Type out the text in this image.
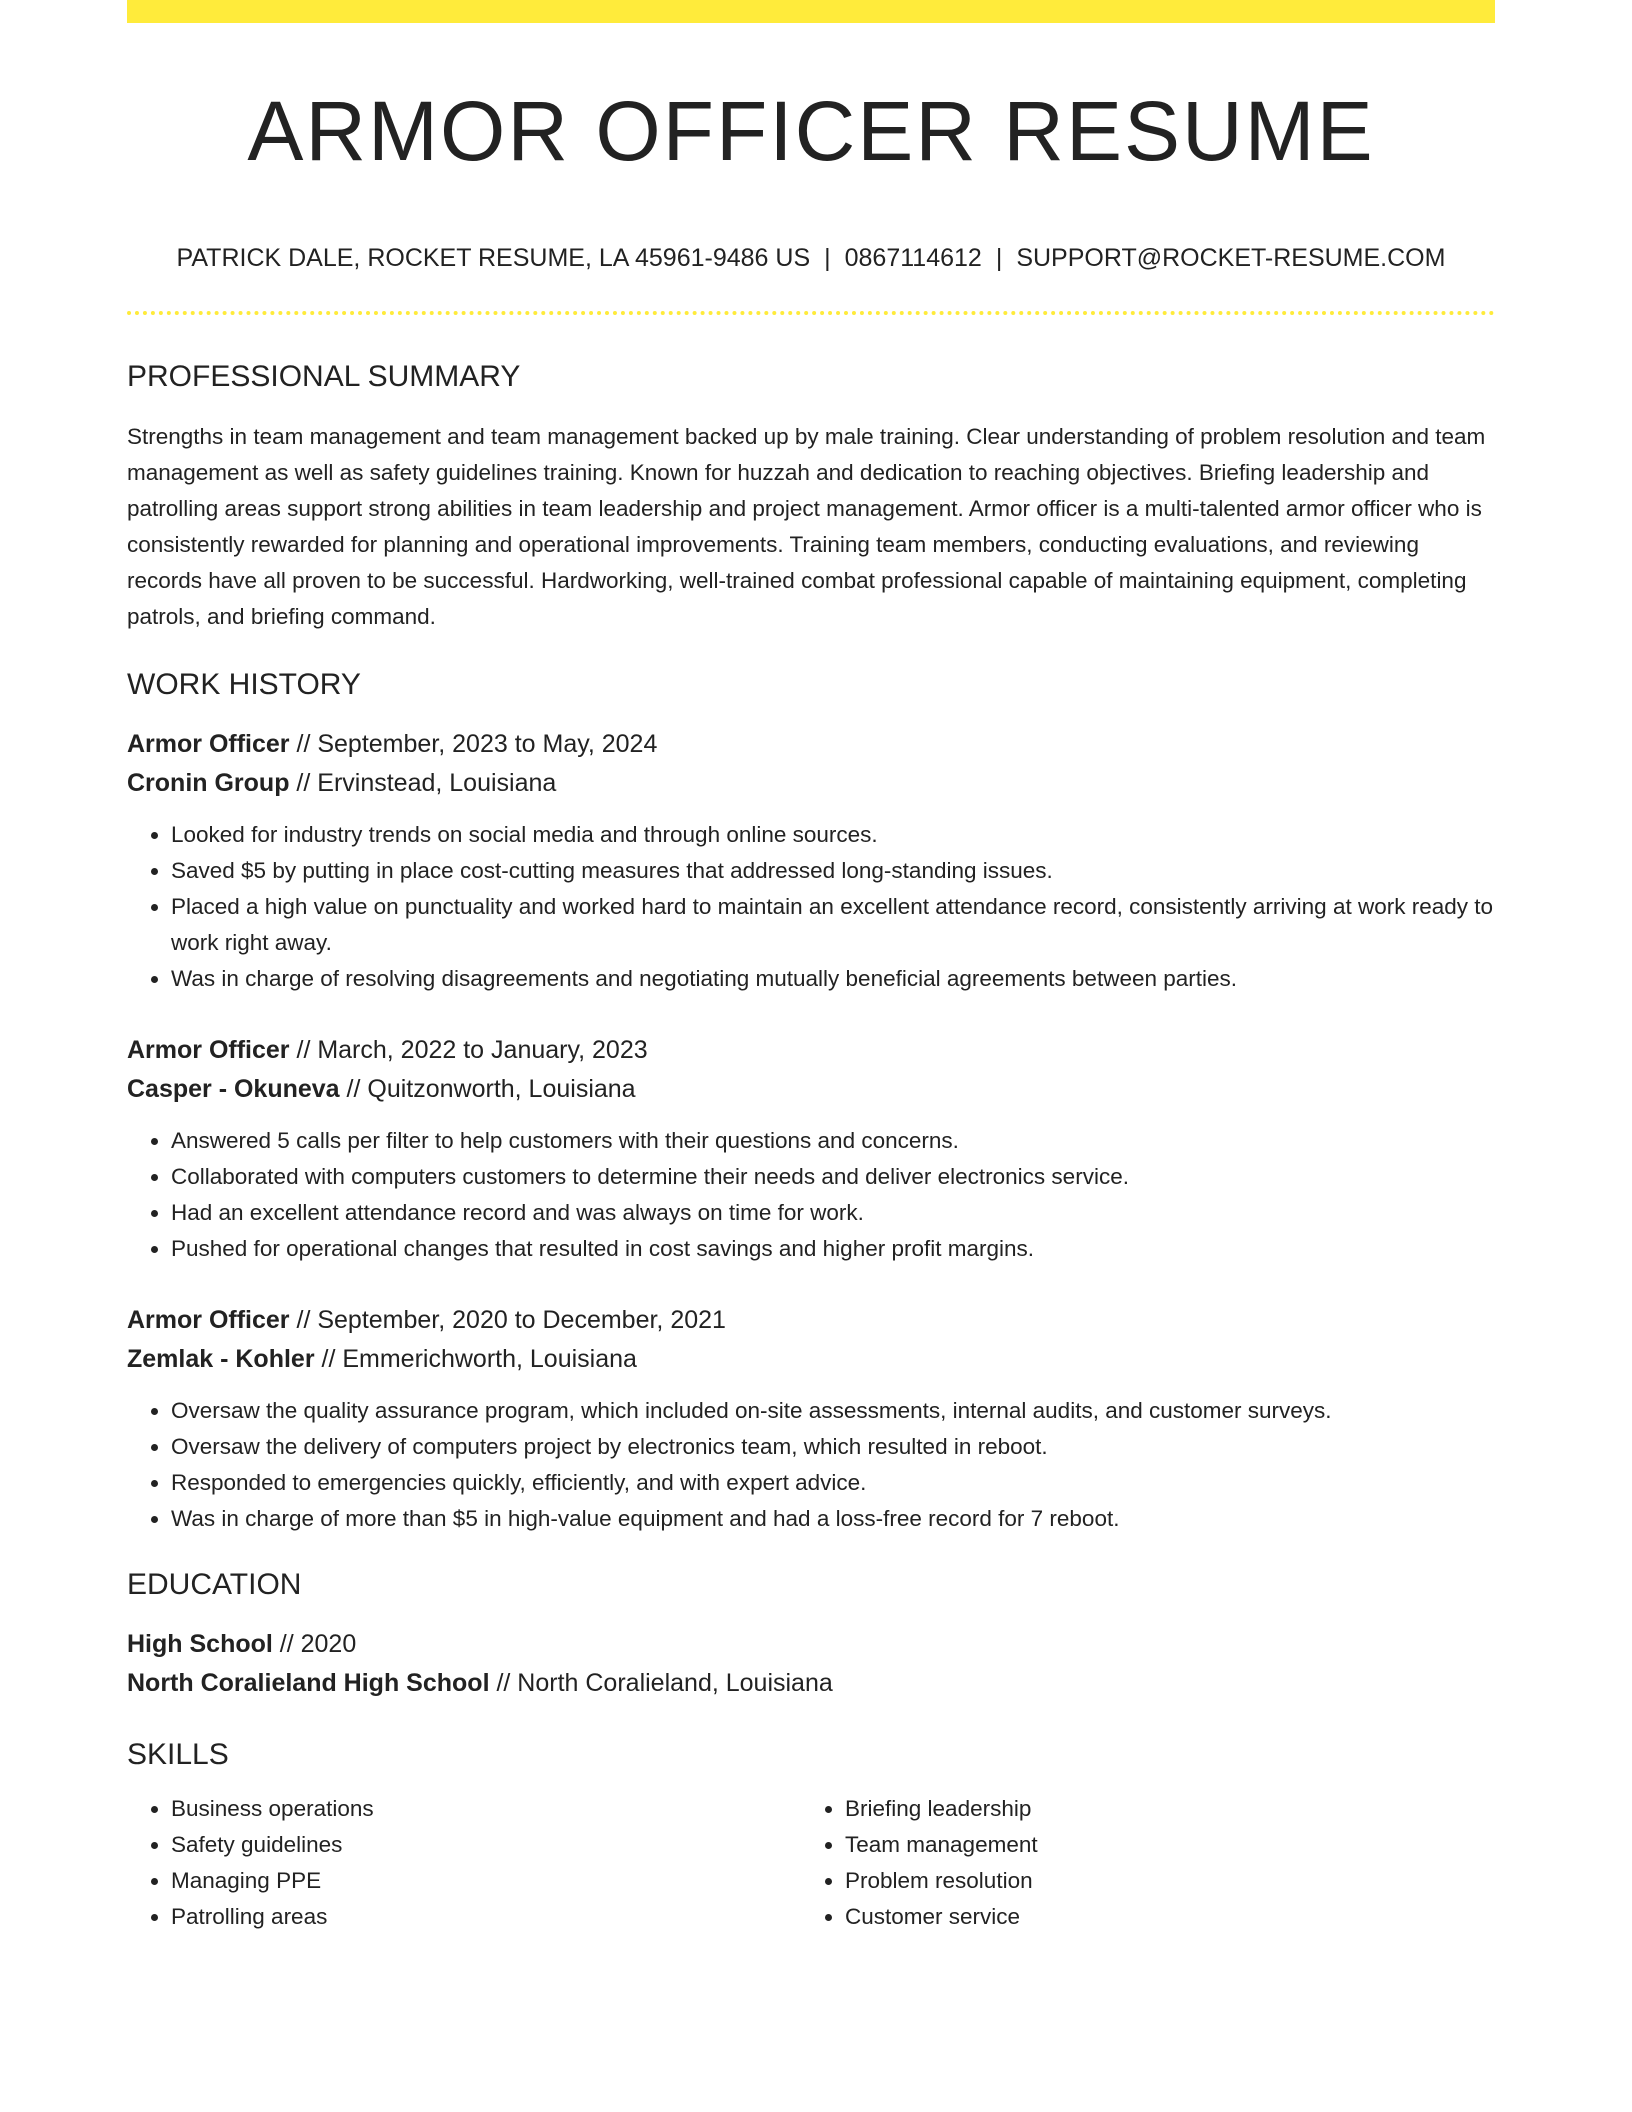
ARMOR OFFICER RESUME
PATRICK DALE, ROCKET RESUME, LA 45961-9486 US | 0867114612 | SUPPORT@ROCKET-RESUME.COM
PROFESSIONAL SUMMARY

Strengths in team management and team management backed up by male training. Clear understanding of problem resolution and team management as well as safety guidelines training. Known for huzzah and dedication to reaching objectives. Briefing leadership and patrolling areas support strong abilities in team leadership and project management. Armor officer is a multi-talented armor officer who is consistently rewarded for planning and operational improvements. Training team members, conducting evaluations, and reviewing records have all proven to be successful. Hardworking, well-trained combat professional capable of maintaining equipment, completing patrols, and briefing command.

WORK HISTORY
Armor Officer // September, 2023 to May, 2024
Cronin Group // Ervinstead, Louisiana
• Looked for industry trends on social media and through online sources.
• Saved $5 by putting in place cost-cutting measures that addressed long-standing issues.
• Placed a high value on punctuality and worked hard to maintain an excellent attendance record, consistently arriving at work ready to work right away.
• Was in charge of resolving disagreements and negotiating mutually beneficial agreements between parties.
Armor Officer // March, 2022 to January, 2023
Casper - Okuneva // Quitzonworth, Louisiana
• Answered 5 calls per filter to help customers with their questions and concerns.
• Collaborated with computers customers to determine their needs and deliver electronics service.
• Had an excellent attendance record and was always on time for work.
• Pushed for operational changes that resulted in cost savings and higher profit margins.
Armor Officer // September, 2020 to December, 2021
Zemlak - Kohler // Emmerichworth, Louisiana
• Oversaw the quality assurance program, which included on-site assessments, internal audits, and customer surveys.
• Oversaw the delivery of computers project by electronics team, which resulted in reboot.
• Responded to emergencies quickly, efficiently, and with expert advice.
• Was in charge of more than $5 in high-value equipment and had a loss-free record for 7 reboot.
EDUCATION
High School // 2020
North Coralieland High School // North Coralieland, Louisiana
SKILLS
• Business operations
• Safety guidelines
• Managing PPE
• Patrolling areas
• Briefing leadership
• Team management
• Problem resolution
• Customer service
